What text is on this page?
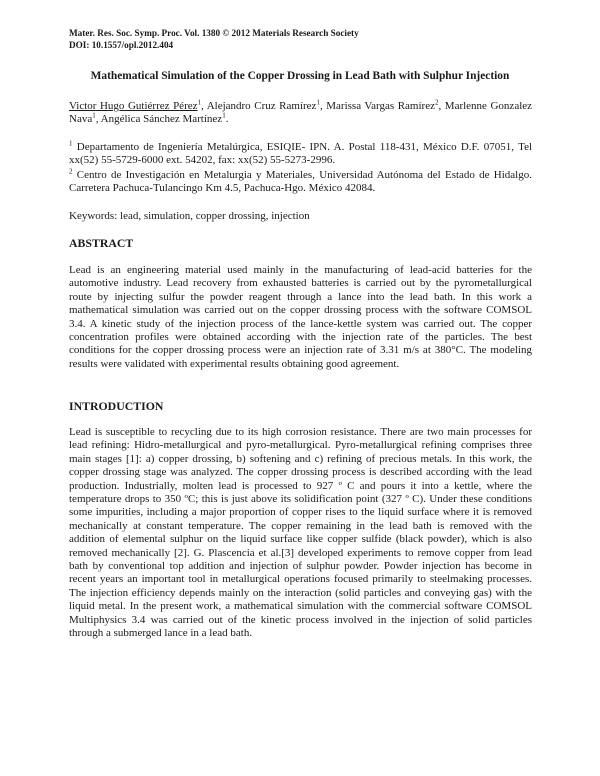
Mater. Res. Soc. Symp. Proc. Vol. 1380 © 2012 Materials Research Society
DOI: 10.1557/opl.2012.404
Mathematical Simulation of the Copper Drossing in Lead Bath with Sulphur Injection
Victor Hugo Gutiérrez Pérez$^1$, Alejandro Cruz Ramírez$^1$, Marissa Vargas Ramírez$^2$, Marlenne Gonzalez Nava$^1$, Angélica Sánchez Martínez$^1$.

$^1$ Departamento de Ingeniería Metalúrgica, ESIQIE- IPN. A. Postal 118-431, México D.F. 07051, Tel xx(52) 55-5729-6000 ext. 54202, fax: xx(52) 55-5273-2996.

$^2$ Centro de Investigación en Metalurgia y Materiales, Universidad Autónoma del Estado de Hidalgo. Carretera Pachuca-Tulancingo Km 4.5, Pachuca-Hgo. México 42084.

Keywords: lead, simulation, copper drossing, injection
ABSTRACT
Lead is an engineering material used mainly in the manufacturing of lead-acid batteries for the automotive industry. Lead recovery from exhausted batteries is carried out by the pyrometallurgical route by injecting sulfur the powder reagent through a lance into the lead bath. In this work a mathematical simulation was carried out on the copper drossing process with the software COMSOL 3.4. A kinetic study of the injection process of the lance-kettle system was carried out. The copper concentration profiles were obtained according with the injection rate of the particles. The best conditions for the copper drossing process were an injection rate of 3.31 m/s at 380°C. The modeling results were validated with experimental results obtaining good agreement.
INTRODUCTION
Lead is susceptible to recycling due to its high corrosion resistance. There are two main processes for lead refining: Hidro-metallurgical and pyro-metallurgical. Pyro-metallurgical refining comprises three main stages [1]: a) copper drossing, b) softening and c) refining of precious metals. In this work, the copper drossing stage was analyzed. The copper drossing process is described according with the lead production. Industrially, molten lead is processed to 927 º C and pours it into a kettle, where the temperature drops to 350 ºC; this is just above its solidification point (327 º C). Under these conditions some impurities, including a major proportion of copper rises to the liquid surface where it is removed mechanically at constant temperature. The copper remaining in the lead bath is removed with the addition of elemental sulphur on the liquid surface like copper sulfide (black powder), which is also removed mechanically [2]. G. Plascencia et al.[3] developed experiments to remove copper from lead bath by conventional top addition and injection of sulphur powder. Powder injection has become in recent years an important tool in metallurgical operations focused primarily to steelmaking processes. The injection efficiency depends mainly on the interaction (solid particles and conveying gas) with the liquid metal. In the present work, a mathematical simulation with the commercial software COMSOL Multiphysics 3.4 was carried out of the kinetic process involved in the injection of solid particles through a submerged lance in a lead bath.
